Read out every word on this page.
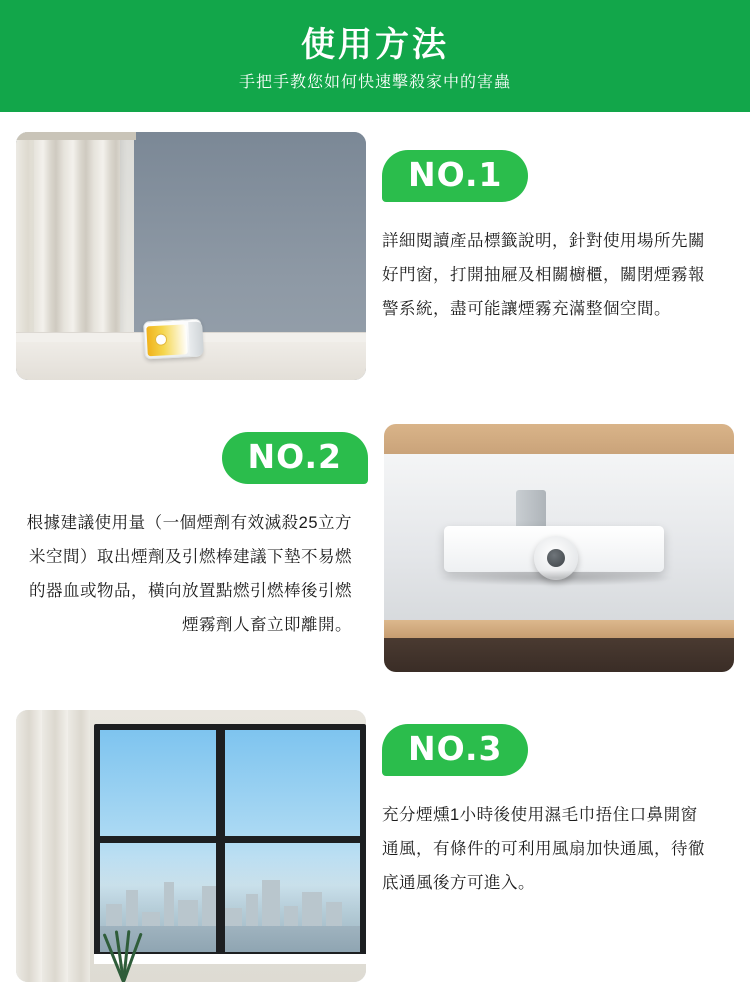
使用方法
手把手教您如何快速擊殺家中的害蟲
NO.1
詳細閱讀產品標籤說明，針對使用場所先關好門窗，打開抽屜及相關櫥櫃，關閉煙霧報警系統，盡可能讓煙霧充滿整個空間。
NO.2
根據建議使用量（一個煙劑有效滅殺25立方米空間）取出煙劑及引燃棒建議下墊不易燃的器血或物品，橫向放置點燃引燃棒後引燃煙霧劑人畜立即離開。
NO.3
充分煙燻1小時後使用濕毛巾捂住口鼻開窗通風，有條件的可利用風扇加快通風，待徹底通風後方可進入。
